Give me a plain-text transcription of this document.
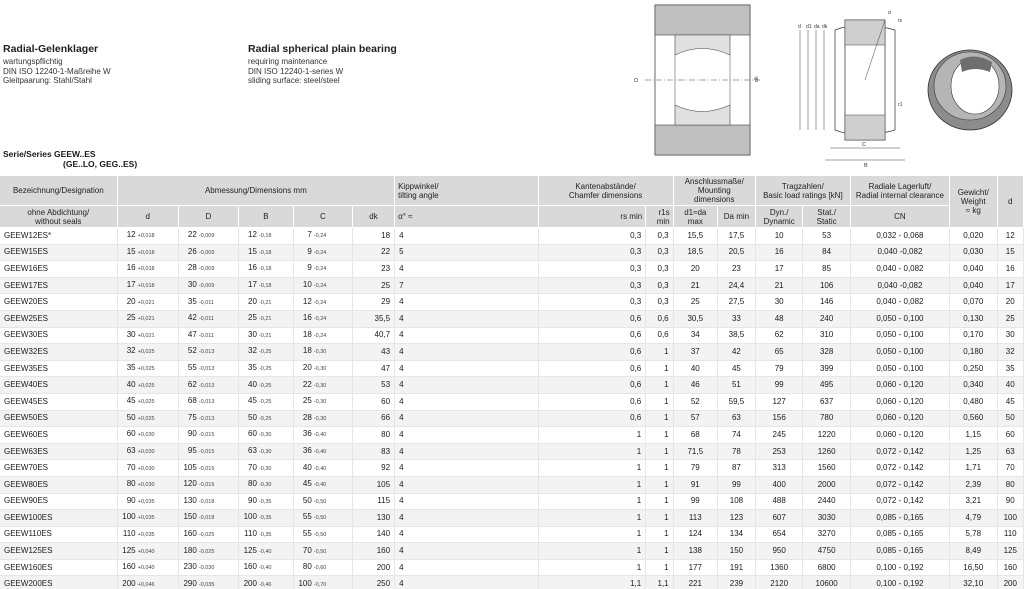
Radial-Gelenklager
wartungspflichtig
DIN ISO 12240-1-Maßreihe W
Gleitpaarung: Stahl/Stahl
Radial spherical plain bearing
requiring maintenance
DIN ISO 12240-1-series W
sliding surface: steel/steel
Serie/Series GEEW..ES
(GE..LO, GEG..ES)
D	dk
C
B
d d1 da dk
α
rs
r1
Bezeichnung/Designation	Abmessung/Dimensions mm					Kippwinkel/
tilting angle	Kantenabstände/
Chamfer dimensions		Anschlussmaße/
Mounting dimensions		Tragzahlen/
Basic load ratings [kN]		Radiale Lagerluft/
Radial internal clearance	Gewicht/
Weight
≈ kg	d
ohne Abdichtung/
without seals	d	D	B	C	dk	α° ≈	rs min	r1s min	d1≈da max	Da min	Dyn./
Dynamic	Stat./
Static	CN		
GEEW12ES*	12 +0,018	22 -0,009	12 -0,18	7 -0,24	18	4	0,3	0,3	15,5	17,5	10	53	0,032 - 0,068	0,020	12
GEEW15ES	15 +0,018	26 -0,009	15 -0,18	9 -0,24	22	5	0,3	0,3	18,5	20,5	16	84	0,040 -0,082	0,030	15
GEEW16ES	16 +0,018	28 -0,009	16 -0,18	9 -0,24	23	4	0,3	0,3	20	23	17	85	0,040 - 0,082	0,040	16
GEEW17ES	17 +0,018	30 -0,009	17 -0,18	10 -0,24	25	7	0,3	0,3	21	24,4	21	106	0,040 -0,082	0,040	17
GEEW20ES	20 +0,021	35 -0,011	20 -0,21	12 -0,24	29	4	0,3	0,3	25	27,5	30	146	0,040 - 0,082	0,070	20
GEEW25ES	25 +0,021	42 -0,011	25 -0,21	16 -0,24	35,5	4	0,6	0,6	30,5	33	48	240	0,050 - 0,100	0,130	25
GEEW30ES	30 +0,021	47 -0,011	30 -0,21	18 -0,24	40,7	4	0,6	0,6	34	38,5	62	310	0,050 - 0,100	0,170	30
GEEW32ES	32 +0,025	52 -0,013	32 -0,25	18 -0,30	43	4	0,6	1	37	42	65	328	0,050 - 0,100	0,180	32
GEEW35ES	35 +0,025	55 -0,013	35 -0,25	20 -0,30	47	4	0,6	1	40	45	79	399	0,050 - 0,100	0,250	35
GEEW40ES	40 +0,025	62 -0,013	40 -0,25	22 -0,30	53	4	0,6	1	46	51	99	495	0,060 - 0,120	0,340	40
GEEW45ES	45 +0,025	68 -0,013	45 -0,25	25 -0,30	60	4	0,6	1	52	59,5	127	637	0,060 - 0,120	0,480	45
GEEW50ES	50 +0,025	75 -0,013	50 -0,25	28 -0,30	66	4	0,6	1	57	63	156	780	0,060 - 0,120	0,560	50
GEEW60ES	60 +0,030	90 -0,015	60 -0,30	36 -0,40	80	4	1	1	68	74	245	1220	0,060 - 0,120	1,15	60
GEEW63ES	63 +0,030	95 -0,015	63 -0,30	36 -0,40	83	4	1	1	71,5	78	253	1260	0,072 - 0,142	1,25	63
GEEW70ES	70 +0,030	105 -0,015	70 -0,30	40 -0,40	92	4	1	1	79	87	313	1560	0,072 - 0,142	1,71	70
GEEW80ES	80 +0,030	120 -0,015	80 -0,30	45 -0,40	105	4	1	1	91	99	400	2000	0,072 - 0,142	2,39	80
GEEW90ES	90 +0,035	130 -0,018	90 -0,35	50 -0,50	115	4	1	1	99	108	488	2440	0,072 - 0,142	3,21	90
GEEW100ES	100 +0,035	150 -0,018	100 -0,35	55 -0,50	130	4	1	1	113	123	607	3030	0,085 - 0,165	4,79	100
GEEW110ES	110 +0,035	160 -0,025	110 -0,35	55 -0,50	140	4	1	1	124	134	654	3270	0,085 - 0,165	5,78	110
GEEW125ES	125 +0,040	180 -0,025	125 -0,40	70 -0,50	160	4	1	1	138	150	950	4750	0,085 - 0,165	8,49	125
GEEW160ES	160 +0,040	230 -0,030	160 -0,40	80 -0,60	200	4	1	1	177	191	1360	6800	0,100 - 0,192	16,50	160
GEEW200ES	200 +0,046	290 -0,035	200 -0,46	100 -0,70	250	4	1,1	1,1	221	239	2120	10600	0,100 - 0,192	32,10	200
